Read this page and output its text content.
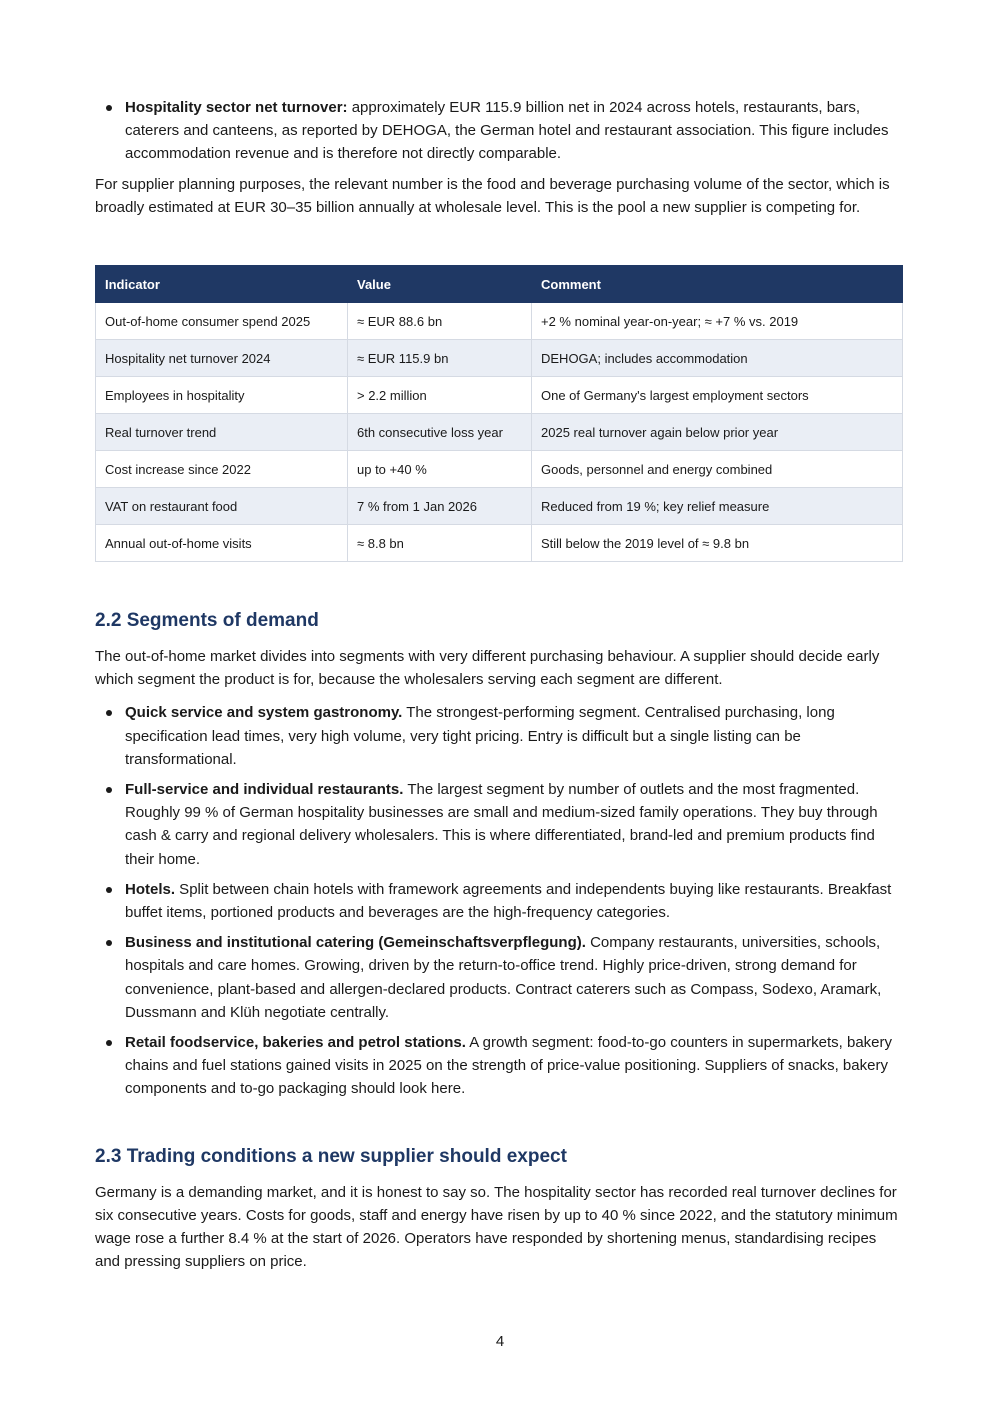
Hospitality sector net turnover: approximately EUR 115.9 billion net in 2024 across hotels, restaurants, bars, caterers and canteens, as reported by DEHOGA, the German hotel and restaurant association. This figure includes accommodation revenue and is therefore not directly comparable.

For supplier planning purposes, the relevant number is the food and beverage purchasing volume of the sector, which is broadly estimated at EUR 30–35 billion annually at wholesale level. This is the pool a new supplier is competing for.

Indicator	Value	Comment
Out-of-home consumer spend 2025	≈ EUR 88.6 bn	+2 % nominal year-on-year; ≈ +7 % vs. 2019
Hospitality net turnover 2024	≈ EUR 115.9 bn	DEHOGA; includes accommodation
Employees in hospitality	> 2.2 million	One of Germany's largest employment sectors
Real turnover trend	6th consecutive loss year	2025 real turnover again below prior year
Cost increase since 2022	up to +40 %	Goods, personnel and energy combined
VAT on restaurant food	7 % from 1 Jan 2026	Reduced from 19 %; key relief measure
Annual out-of-home visits	≈ 8.8 bn	Still below the 2019 level of ≈ 9.8 bn
2.2 Segments of demand

The out-of-home market divides into segments with very different purchasing behaviour. A supplier should decide early which segment the product is for, because the wholesalers serving each segment are different.

Quick service and system gastronomy. The strongest-performing segment. Centralised purchasing, long specification lead times, very high volume, very tight pricing. Entry is difficult but a single listing can be transformational.
Full-service and individual restaurants. The largest segment by number of outlets and the most fragmented. Roughly 99 % of German hospitality businesses are small and medium-sized family operations. They buy through cash & carry and regional delivery wholesalers. This is where differentiated, brand-led and premium products find their home.
Hotels. Split between chain hotels with framework agreements and independents buying like restaurants. Breakfast buffet items, portioned products and beverages are the high-frequency categories.
Business and institutional catering (Gemeinschaftsverpflegung). Company restaurants, universities, schools, hospitals and care homes. Growing, driven by the return-to-office trend. Highly price-driven, strong demand for convenience, plant-based and allergen-declared products. Contract caterers such as Compass, Sodexo, Aramark, Dussmann and Klüh negotiate centrally.
Retail foodservice, bakeries and petrol stations. A growth segment: food-to-go counters in supermarkets, bakery chains and fuel stations gained visits in 2025 on the strength of price-value positioning. Suppliers of snacks, bakery components and to-go packaging should look here.
2.3 Trading conditions a new supplier should expect

Germany is a demanding market, and it is honest to say so. The hospitality sector has recorded real turnover declines for six consecutive years. Costs for goods, staff and energy have risen by up to 40 % since 2022, and the statutory minimum wage rose a further 8.4 % at the start of 2026. Operators have responded by shortening menus, standardising recipes and pressing suppliers on price.

4
